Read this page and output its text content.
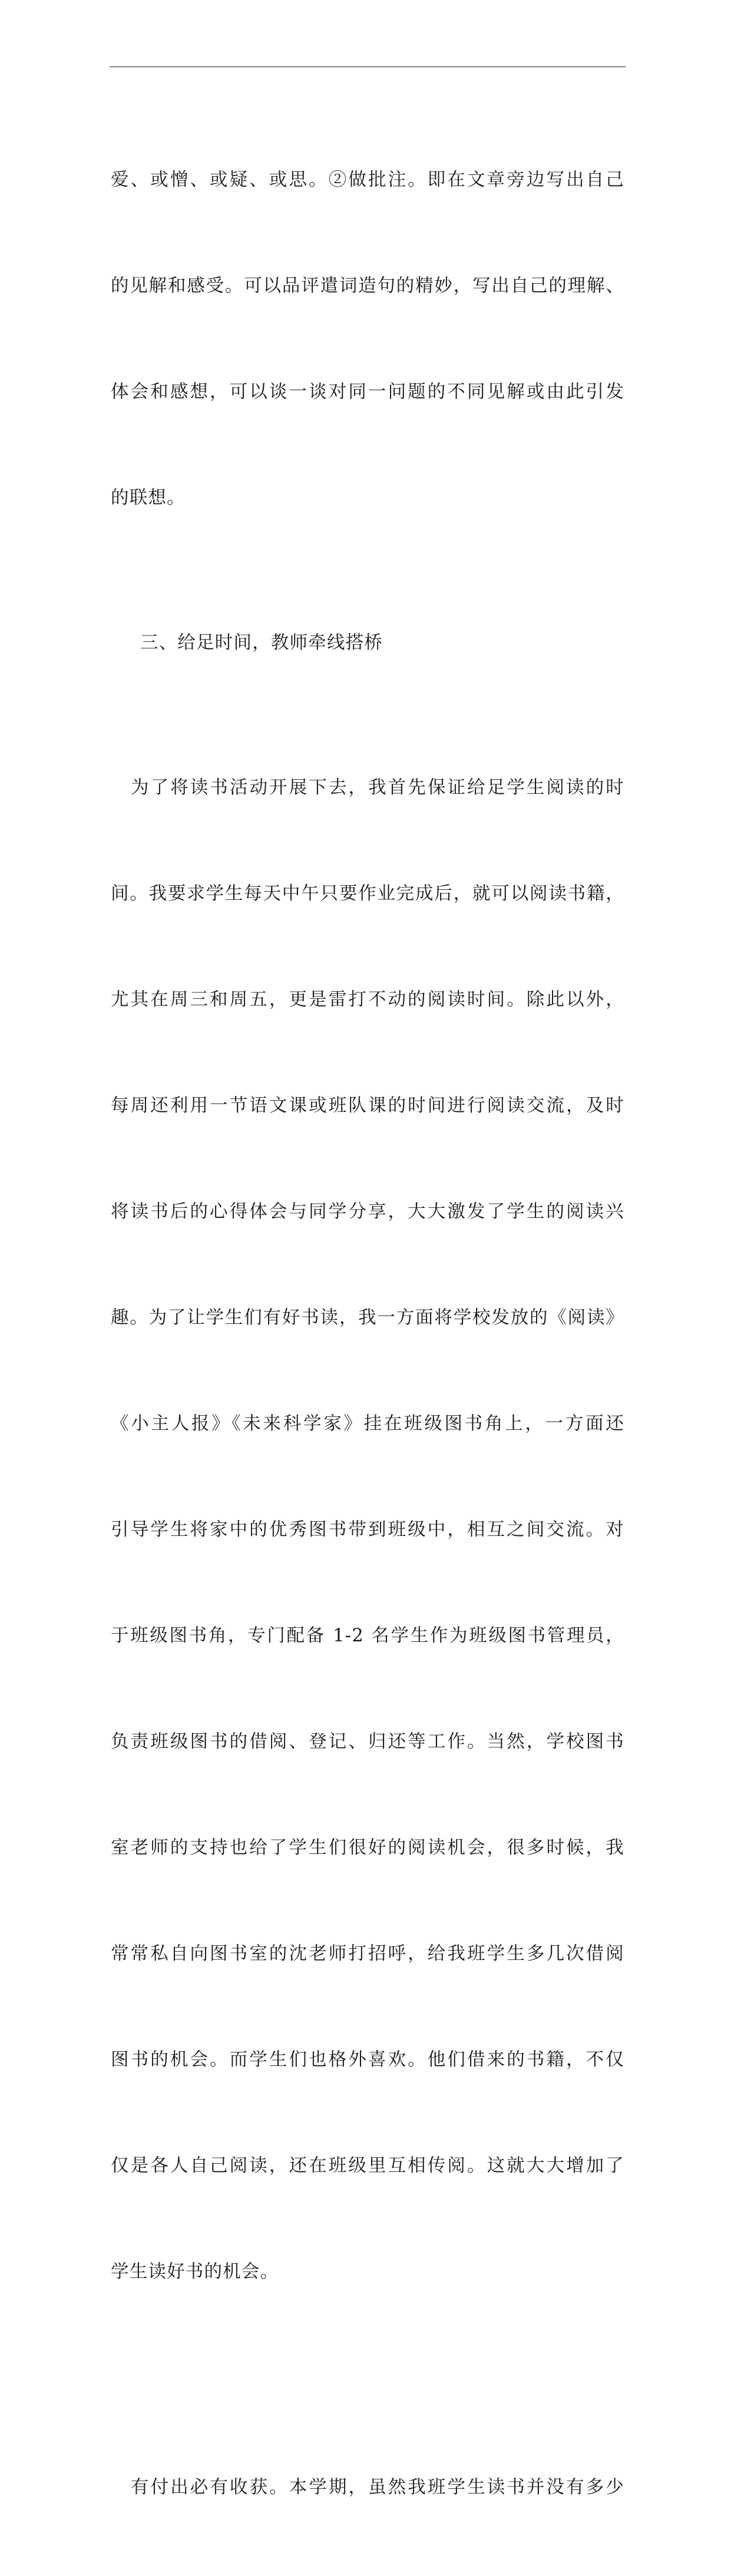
爱、或憎、或疑、或思。②做批注。即在文章旁边写出自己

的见解和感受。可以品评遣词造句的精妙，写出自己的理解、

体会和感想，可以谈一谈对同一问题的不同见解或由此引发

的联想。

三、给足时间，教师牵线搭桥

为了将读书活动开展下去，我首先保证给足学生阅读的时

间。我要求学生每天中午只要作业完成后，就可以阅读书籍，

尤其在周三和周五，更是雷打不动的阅读时间。除此以外，

每周还利用一节语文课或班队课的时间进行阅读交流，及时

将读书后的心得体会与同学分享，大大激发了学生的阅读兴

趣。为了让学生们有好书读，我一方面将学校发放的《阅读》

《小主人报》《未来科学家》挂在班级图书角上，一方面还

引导学生将家中的优秀图书带到班级中，相互之间交流。对

于班级图书角，专门配备 1-2 名学生作为班级图书管理员，

负责班级图书的借阅、登记、归还等工作。当然，学校图书

室老师的支持也给了学生们很好的阅读机会，很多时候，我

常常私自向图书室的沈老师打招呼，给我班学生多几次借阅

图书的机会。而学生们也格外喜欢。他们借来的书籍，不仅

仅是各人自己阅读，还在班级里互相传阅。这就大大增加了

学生读好书的机会。

有付出必有收获。本学期，虽然我班学生读书并没有多少
